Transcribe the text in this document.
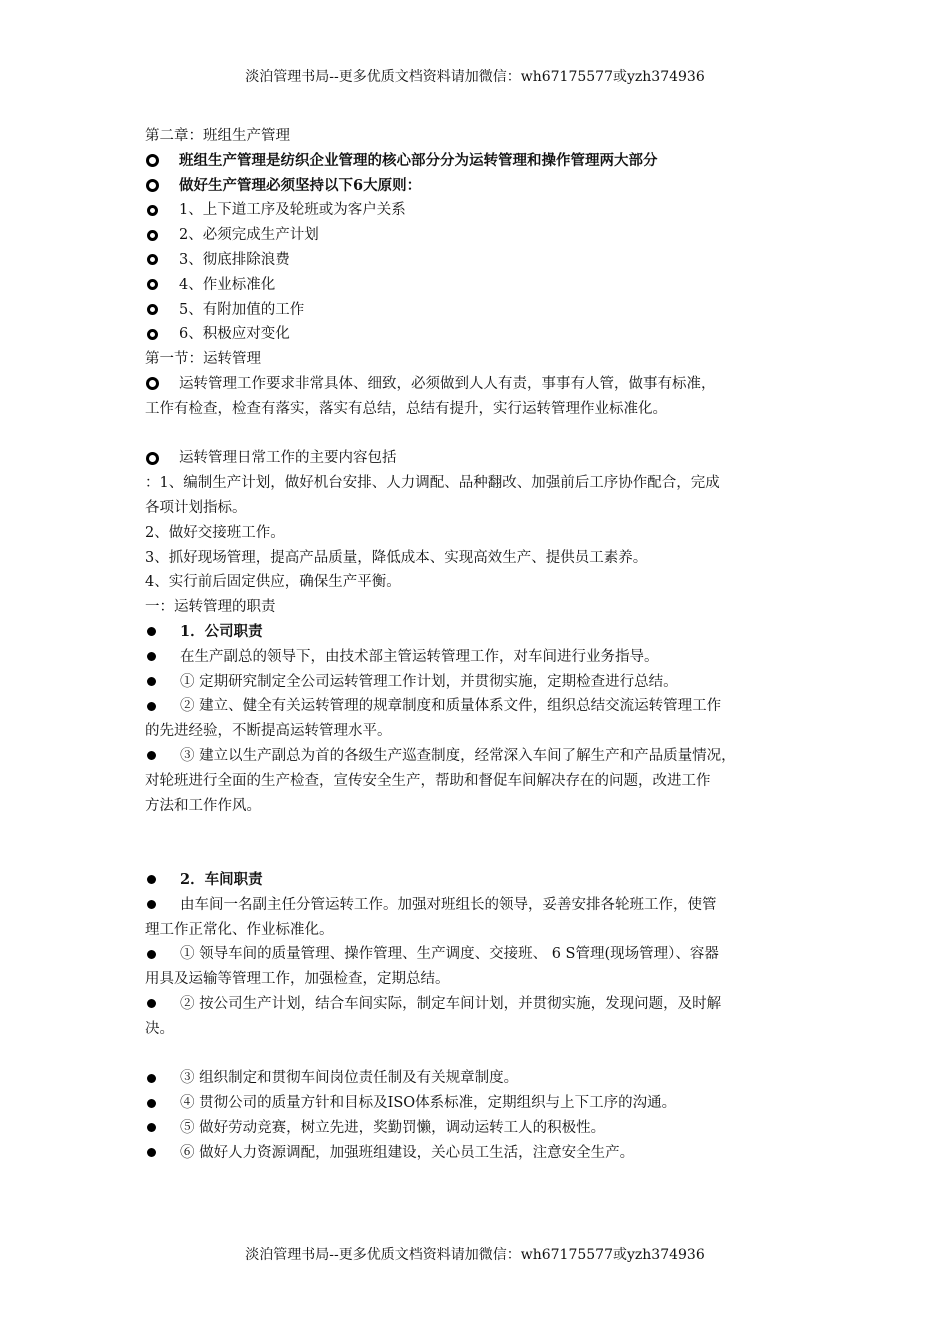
淡泊管理书局--更多优质文档资料请加微信：wh67175577或yzh374936
第二章：班组生产管理
班组生产管理是纺织企业管理的核心部分分为运转管理和操作管理两大部分
做好生产管理必须坚持以下6大原则：
1、上下道工序及轮班或为客户关系
2、必须完成生产计划
3、彻底排除浪费
4、作业标准化
5、有附加值的工作
6、积极应对变化
第一节：运转管理
运转管理工作要求非常具体、细致，必须做到人人有责，事事有人管，做事有标准，
工作有检查，检查有落实，落实有总结，总结有提升，实行运转管理作业标准化。
运转管理日常工作的主要内容包括
：1、编制生产计划，做好机台安排、人力调配、品种翻改、加强前后工序协作配合，完成
各项计划指标。
2、做好交接班工作。
3、抓好现场管理，提高产品质量，降低成本、实现高效生产、提供员工素养。
4、实行前后固定供应，确保生产平衡。
一：运转管理的职责
1．公司职责
在生产副总的领导下，由技术部主管运转管理工作，对车间进行业务指导。
① 定期研究制定全公司运转管理工作计划，并贯彻实施，定期检查进行总结。
② 建立、健全有关运转管理的规章制度和质量体系文件，组织总结交流运转管理工作
的先进经验，不断提高运转管理水平。
③ 建立以生产副总为首的各级生产巡查制度，经常深入车间了解生产和产品质量情况，
对轮班进行全面的生产检查，宣传安全生产，帮助和督促车间解决存在的问题，改进工作
方法和工作作风。
2．车间职责
由车间一名副主任分管运转工作。加强对班组长的领导，妥善安排各轮班工作，使管
理工作正常化、作业标准化。
① 领导车间的质量管理、操作管理、生产调度、交接班、 6 S管理(现场管理）、容器
用具及运输等管理工作，加强检查，定期总结。
② 按公司生产计划，结合车间实际，制定车间计划，并贯彻实施，发现问题，及时解
决。
③ 组织制定和贯彻车间岗位责任制及有关规章制度。
④ 贯彻公司的质量方针和目标及ISO体系标准，定期组织与上下工序的沟通。
⑤ 做好劳动竞赛，树立先进，奖勤罚懒，调动运转工人的积极性。
⑥ 做好人力资源调配，加强班组建设，关心员工生活，注意安全生产。
淡泊管理书局--更多优质文档资料请加微信：wh67175577或yzh374936
